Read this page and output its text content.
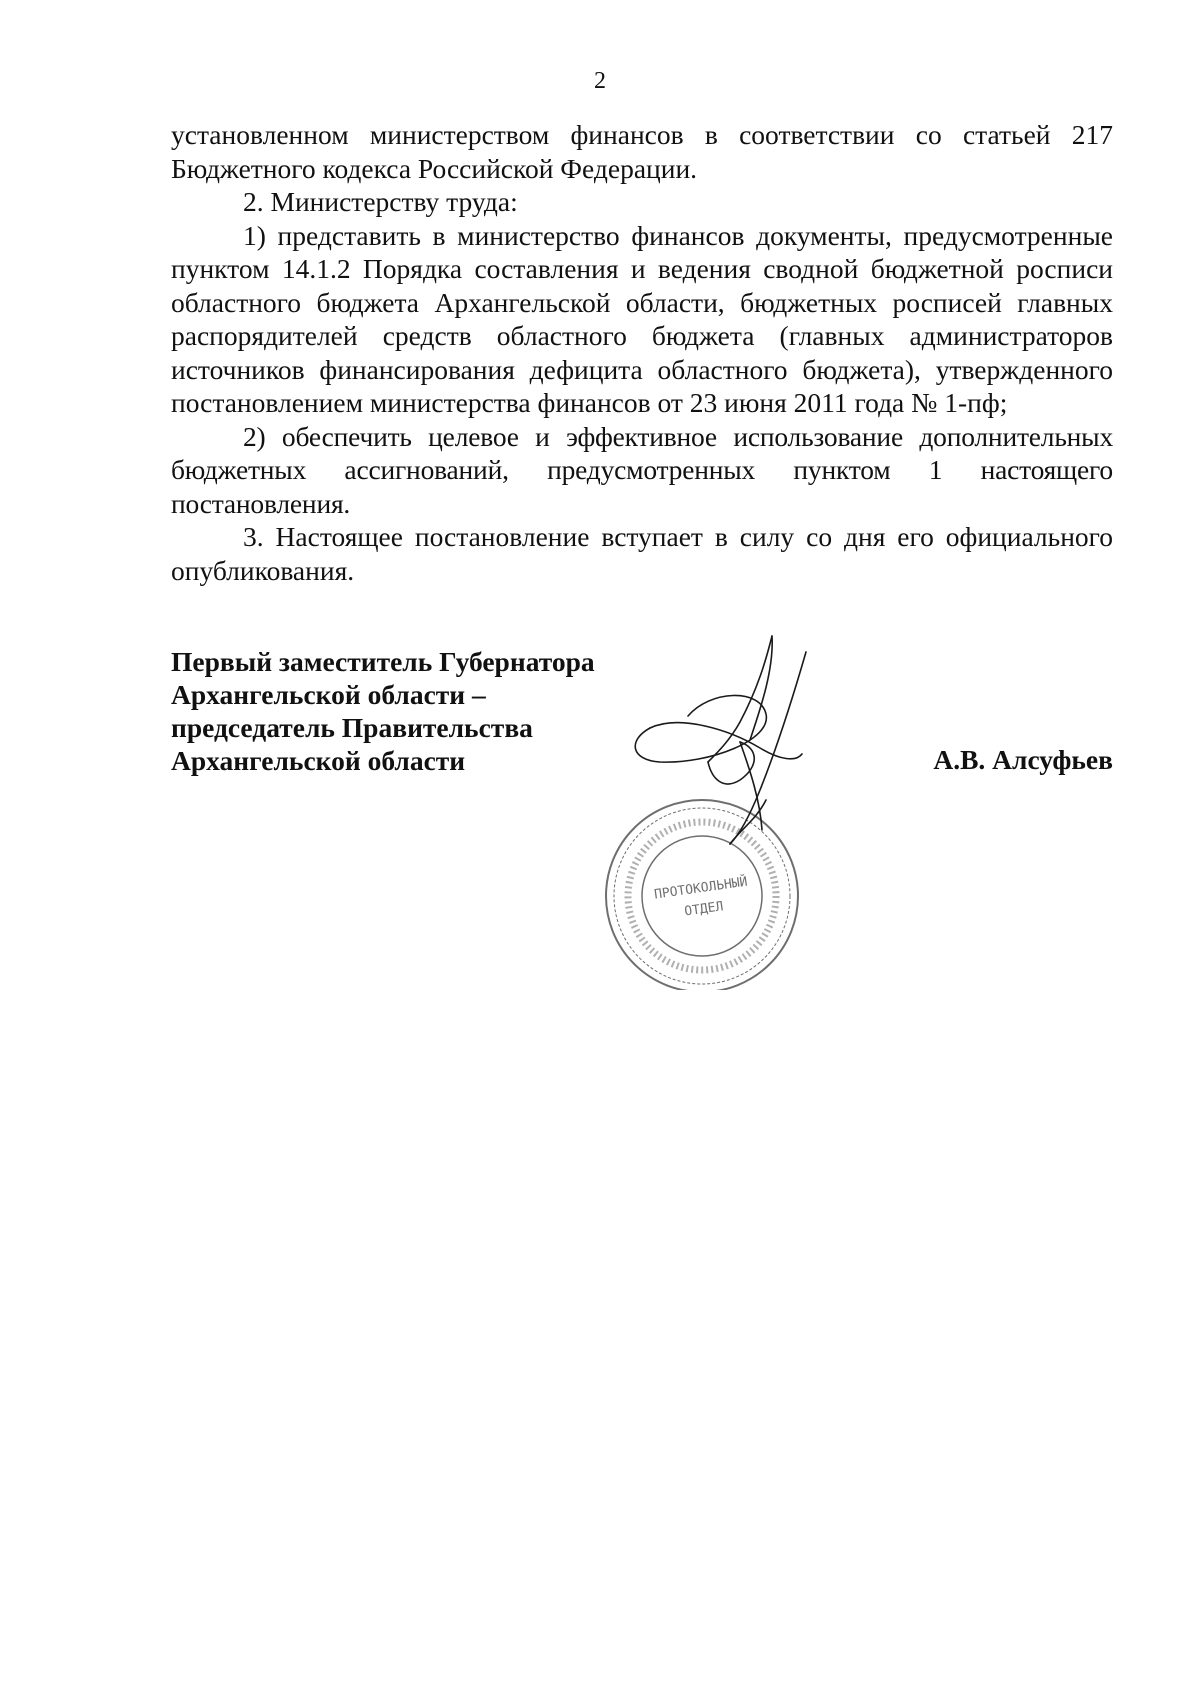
2

установленном министерством финансов в соответствии со статьей 217 Бюджетного кодекса Российской Федерации.

2. Министерству труда:

1) представить в министерство финансов документы, предусмотренные пунктом 14.1.2 Порядка составления и ведения сводной бюджетной росписи областного бюджета Архангельской области, бюджетных росписей главных распорядителей средств областного бюджета (главных администраторов источников финансирования дефицита областного бюджета), утвержденного постановлением министерства финансов от 23 июня 2011 года № 1-пф;

2) обеспечить целевое и эффективное использование дополнительных бюджетных ассигнований, предусмотренных пунктом 1 настоящего постановления.

3. Настоящее постановление вступает в силу со дня его официального опубликования.

Первый заместитель Губернатора
Архангельской области –
председатель Правительства
Архангельской области	А.В. Алсуфьев
ПРОТОКОЛЬНЫЙ
ОТДЕЛ
